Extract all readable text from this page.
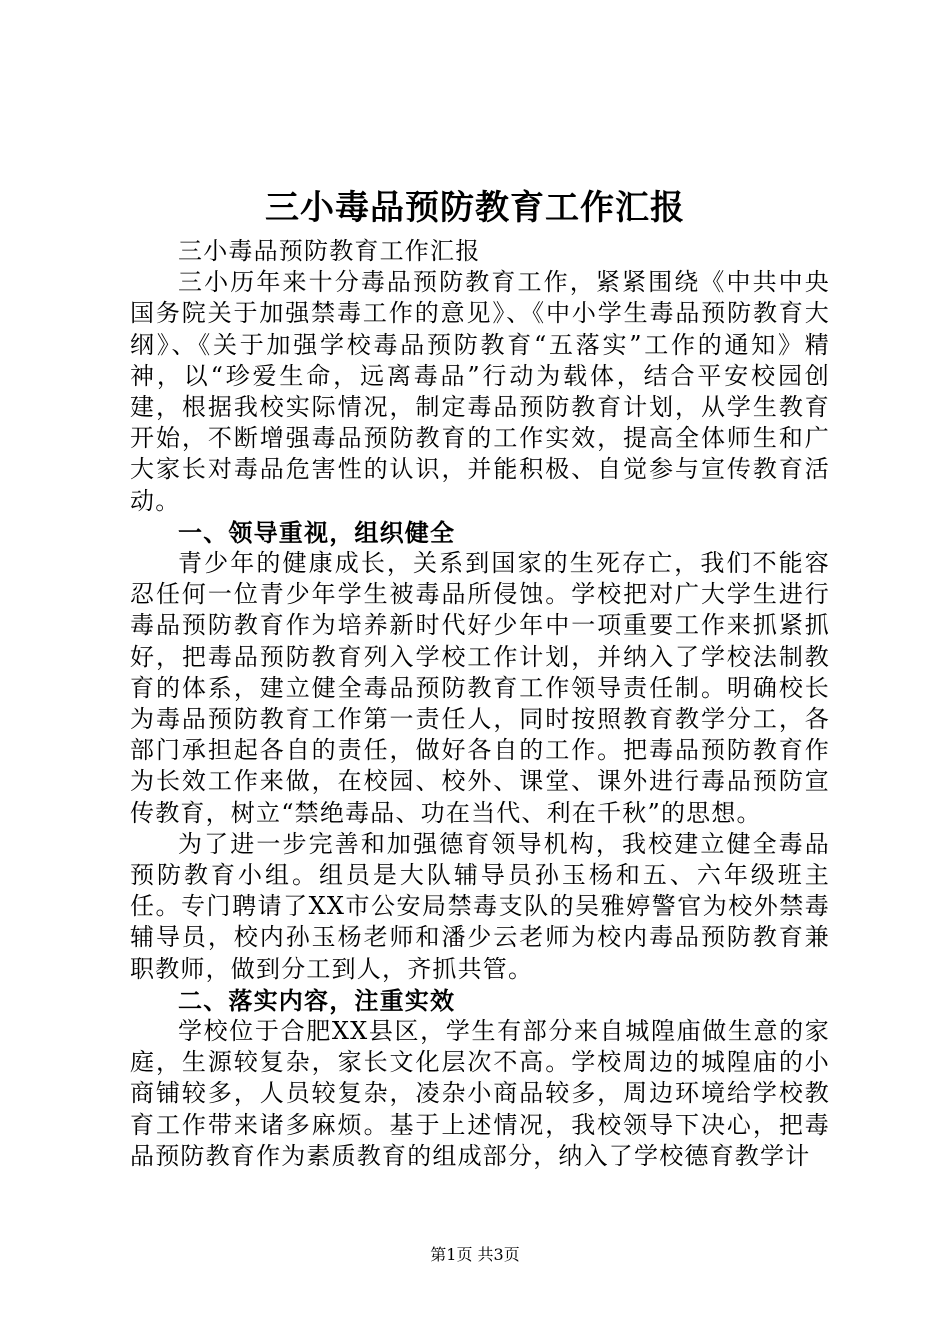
三小毒品预防教育工作汇报

三小毒品预防教育工作汇报

三小历年来十分毒品预防教育工作，紧紧围绕《中共中央国务院关于加强禁毒工作的意见》、《中小学生毒品预防教育大纲》、《关于加强学校毒品预防教育“五落实”工作的通知》精神，以“珍爱生命，远离毒品”行动为载体，结合平安校园创建，根据我校实际情况，制定毒品预防教育计划，从学生教育开始，不断增强毒品预防教育的工作实效，提高全体师生和广大家长对毒品危害性的认识，并能积极、自觉参与宣传教育活动。

一、领导重视，组织健全

青少年的健康成长，关系到国家的生死存亡，我们不能容忍任何一位青少年学生被毒品所侵蚀。学校把对广大学生进行毒品预防教育作为培养新时代好少年中一项重要工作来抓紧抓好，把毒品预防教育列入学校工作计划，并纳入了学校法制教育的体系，建立健全毒品预防教育工作领导责任制。明确校长为毒品预防教育工作第一责任人，同时按照教育教学分工，各部门承担起各自的责任，做好各自的工作。把毒品预防教育作为长效工作来做，在校园、校外、课堂、课外进行毒品预防宣传教育，树立“禁绝毒品、功在当代、利在千秋”的思想。

为了进一步完善和加强德育领导机构，我校建立健全毒品预防教育小组。组员是大队辅导员孙玉杨和五、六年级班主任。专门聘请了XX市公安局禁毒支队的吴雅婷警官为校外禁毒辅导员，校内孙玉杨老师和潘少云老师为校内毒品预防教育兼职教师，做到分工到人，齐抓共管。

二、落实内容，注重实效

学校位于合肥XX县区，学生有部分来自城隍庙做生意的家庭，生源较复杂，家长文化层次不高。学校周边的城隍庙的小商铺较多，人员较复杂，凌杂小商品较多，周边环境给学校教育工作带来诸多麻烦。基于上述情况，我校领导下决心，把毒品预防教育作为素质教育的组成部分，纳入了学校德育教学计

第1页 共3页
